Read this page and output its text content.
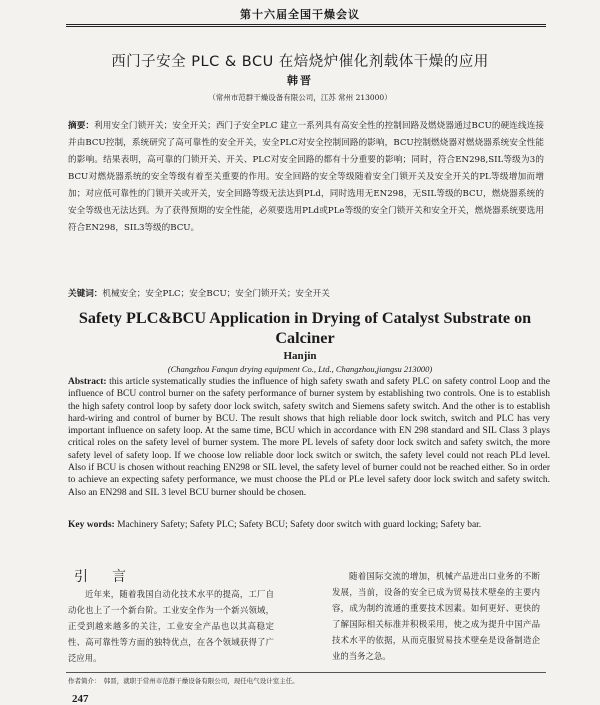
第十六届全国干燥会议
西门子安全 PLC & BCU 在焙烧炉催化剂载体干燥的应用
韩晋
（常州市范群干燥设备有限公司，江苏 常州 213000）
摘要：利用安全门锁开关；安全开关；西门子安全PLC 建立一系列具有高安全性的控制回路及燃烧器通过BCU的硬连线连接并由BCU控制，系统研究了高可靠性的安全开关，安全PLC对安全控制回路的影响，BCU控制燃烧器对燃烧器系统安全性能的影响。结果表明，高可靠的门锁开关、开关、PLC对安全回路的都有十分重要的影响；同时，符合EN298,SIL等级为3的BCU对燃烧器系统的安全等级有着至关重要的作用。安全回路的安全等级随着安全门锁开关及安全开关的PL等级增加而增加；对应低可靠性的门锁开关或开关，安全回路等级无法达到PLd，同时选用无EN298，无SIL等级的BCU，燃烧器系统的安全等级也无法达到。为了获得预期的安全性能，必须要选用PLd或PLe等级的安全门锁开关和安全开关，燃烧器系统要选用符合EN298，SIL3等级的BCU。
关键词：机械安全；安全PLC；安全BCU；安全门锁开关；安全开关
Safety PLC&BCU Application in Drying of Catalyst Substrate on Calciner
Hanjin
(Changzhou Fanqun drying equipment Co., Ltd., Changzhou,jiangsu 213000)
Abstract: this article systematically studies the influence of high safety swath and safety PLC on safety control Loop and the influence of BCU control burner on the safety performance of burner system by establishing two controls. One is to establish the high safety control loop by safety door lock switch, safety switch and Siemens safety switch. And the other is to establish hard-wiring and control of burner by BCU. The result shows that high reliable door lock switch, switch and PLC has very important influence on safety loop. At the same time, BCU which in accordance with EN 298 standard and SIL Class 3 plays critical roles on the safety level of burner system. The more PL levels of safety door lock switch and safety switch, the more safety level of safety loop. If we choose low reliable door lock switch or switch, the safety level could not reach PLd level. Also if BCU is chosen without reaching EN298 or SIL level, the safety level of burner could not be reached either. So in order to achieve an expecting safety performance, we must choose the PLd or PLe level safety door lock switch and safety switch. Also an EN298 and SIL 3 level BCU burner should be chosen.
Key words: Machinery Safety; Safety PLC; Safety BCU; Safety door switch with guard locking; Safety bar.
引言
近年来，随着我国自动化技术水平的提高，工厂自动化也上了一个新台阶。工业安全作为一个新兴领域，正受到越来越多的关注，工业安全产品也以其高稳定性、高可靠性等方面的独特优点，在各个领域获得了广泛应用。
随着国际交流的增加，机械产品进出口业务的不断发展，当前，设备的安全已成为贸易技术壁垒的主要内容，成为制约流通的重要技术因素。如何更好、更快的了解国际相关标准并积极采用，使之成为提升中国产品技术水平的依据，从而克服贸易技术壁垒是设备制造企业的当务之急。
作者简介：　韩晋，就职于常州市范群干燥设备有限公司，现任电气设计室主任。
247
